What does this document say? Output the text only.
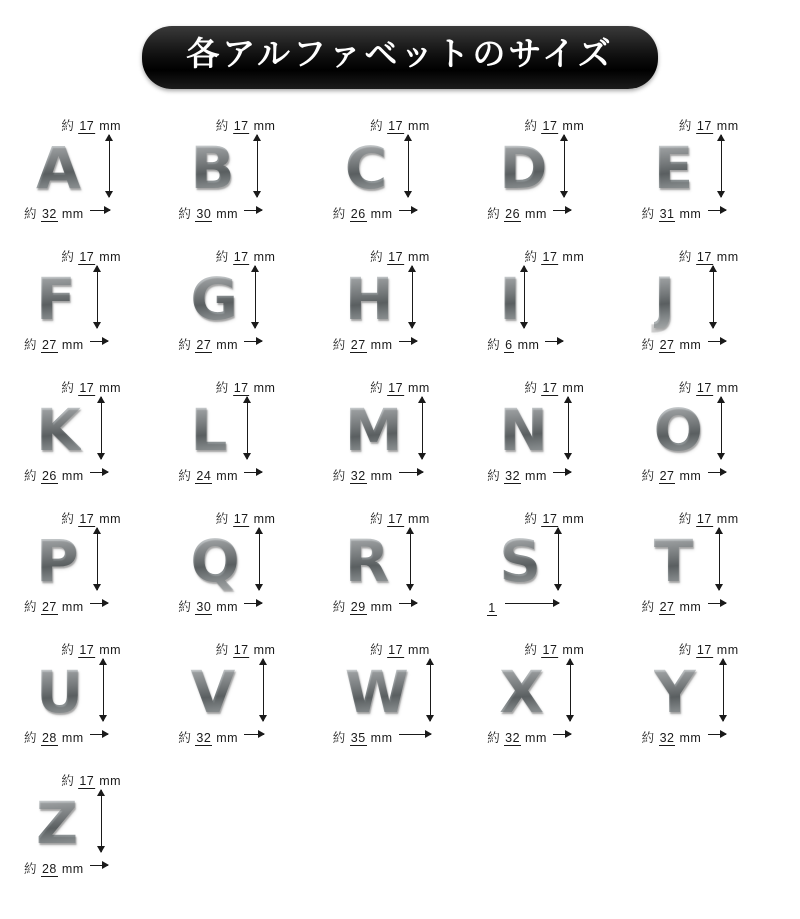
各アルファベットのサイズ
約 17 mm
A
約 32 mm
約 17 mm
B
約 30 mm
約 17 mm
C
約 26 mm
約 17 mm
D
約 26 mm
約 17 mm
E
約 31 mm
約 17 mm
F
約 27 mm
約 17 mm
G
約 27 mm
約 17 mm
H
約 27 mm
約 17 mm
I
約 6 mm
約 17 mm
J
約 27 mm
約 17 mm
K
約 26 mm
約 17 mm
L
約 24 mm
約 17 mm
M
約 32 mm
約 17 mm
N
約 32 mm
約 17 mm
O
約 27 mm
約 17 mm
P
約 27 mm
約 17 mm
Q
約 30 mm
約 17 mm
R
約 29 mm
約 17 mm
S
1
約 17 mm
T
約 27 mm
約 17 mm
U
約 28 mm
約 17 mm
V
約 32 mm
約 17 mm
W
約 35 mm
約 17 mm
X
約 32 mm
約 17 mm
Y
約 32 mm
約 17 mm
Z
約 28 mm
